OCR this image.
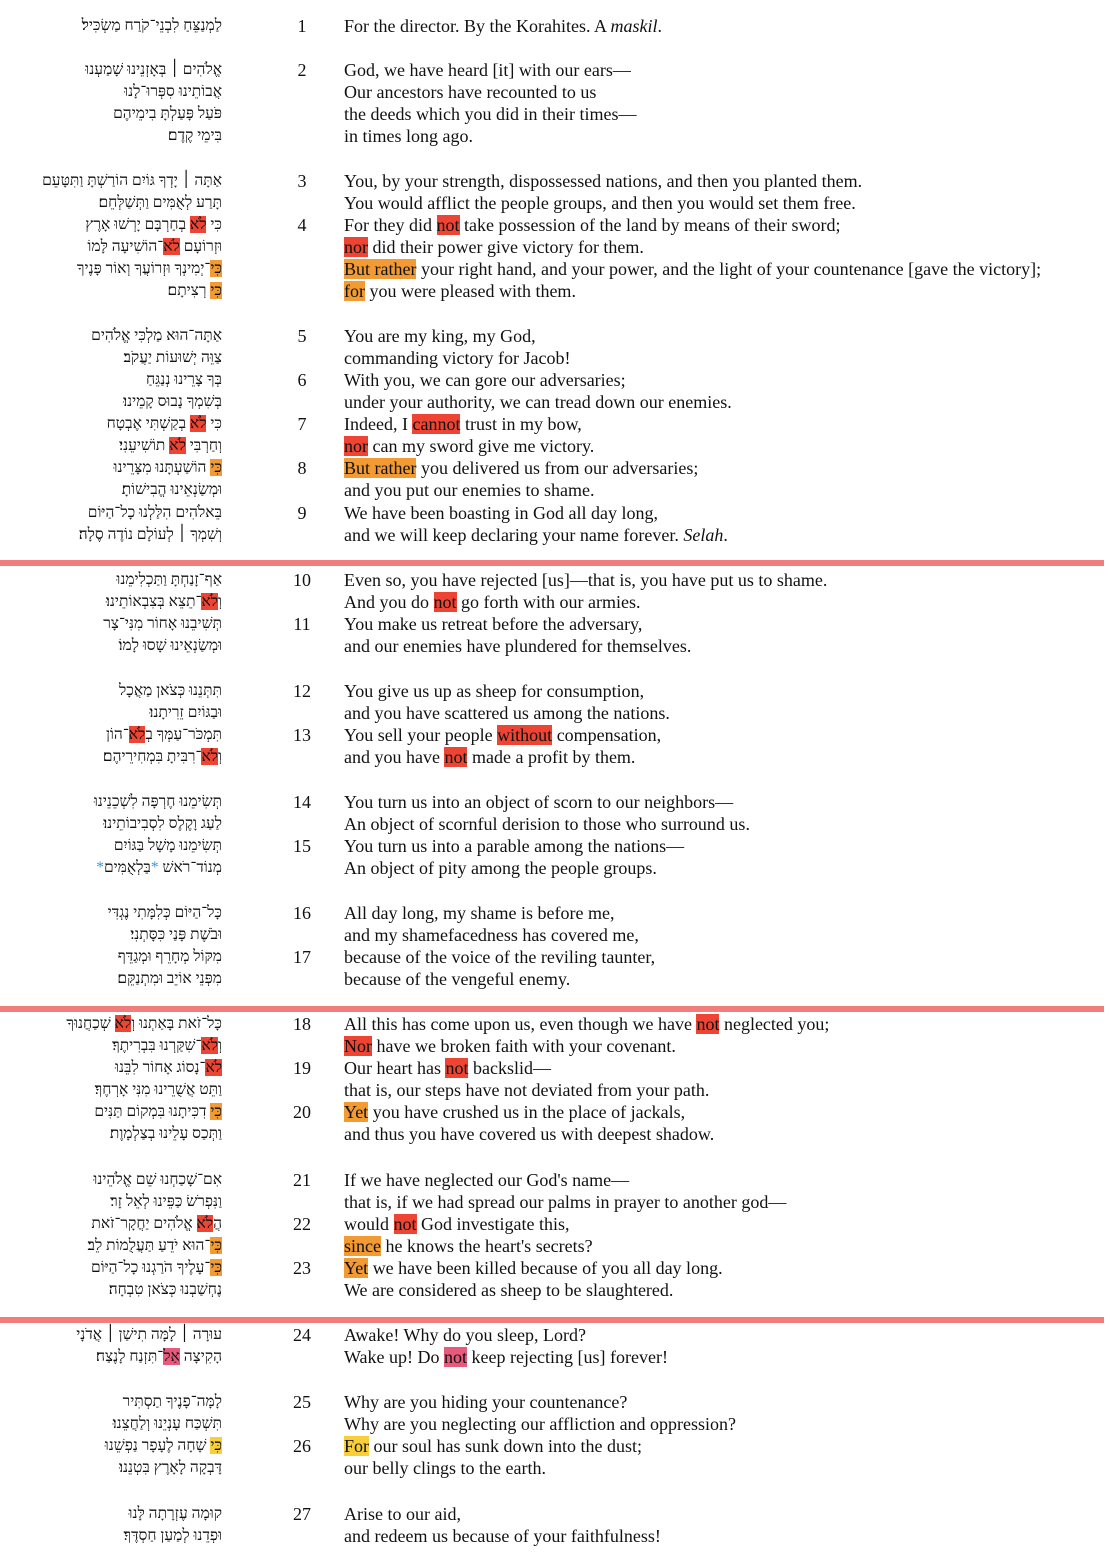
לַמְנַצֵּחַ לִבְנֵי־קֹרַח מַשְׂכִּיל׃	1	For the director. By the Korahites. A maskil.
אֱלֹהִים ׀ בְּאָזְנֵינוּ שָׁמַעְנוּ	2	God, we have heard [it] with our ears—
אֲבוֹתֵינוּ סִפְּרוּ־לָנוּ	Our ancestors have recounted to us
פֹּעַל פָּעַלְתָּ בִימֵיהֶם	the deeds which you did in their times—
בִּימֵי קֶדֶם׃	in times long ago.
אַתָּה ׀ יָדְךָ גּוֹיִם הוֹרַשְׁתָּ וַתִּטָּעֵם	3	You, by your strength, dispossessed nations, and then you planted them.
תָּרַע לְאֻמִּים וַתְּשַׁלְּחֵם׃	You would afflict the people groups, and then you would set them free.
כִּי לֹא בְחַרְבָּם יָרְשׁוּ אָרֶץ	4	For they did not take possession of the land by means of their sword;
וּזְרוֹעָם לֹא־הוֹשִׁיעָה לָּמוֹ	nor did their power give victory for them.
כִּי־יְמִינְךָ וּזְרוֹעֲךָ וְאוֹר פָּנֶיךָ	But rather your right hand, and your power, and the light of your countenance [gave the victory];
כִּי רְצִיתָם׃	for you were pleased with them.
אַתָּה־הוּא מַלְכִּי אֱלֹהִים	5	You are my king, my God,
צַוֵּה יְשׁוּעוֹת יַעֲקֹב׃	commanding victory for Jacob!
בְּךָ צָרֵינוּ נְנַגֵּחַ	6	With you, we can gore our adversaries;
בְּשִׁמְךָ נָבוּס קָמֵינוּ׃	under your authority, we can tread down our enemies.
כִּי לֹא בְקַשְׁתִּי אֶבְטָח	7	Indeed, I cannot trust in my bow,
וְחַרְבִּי לֹא תוֹשִׁיעֵנִי׃	nor can my sword give me victory.
כִּי הוֹשַׁעְתָּנוּ מִצָּרֵינוּ	8	But rather you delivered us from our adversaries;
וּמְשַׂנְאֵינוּ הֱבִישׁוֹתָ׃	and you put our enemies to shame.
בֵּאלֹהִים הִלַּלְנוּ כָל־הַיּוֹם	9	We have been boasting in God all day long,
וְשִׁמְךָ ׀ לְעוֹלָם נוֹדֶה סֶלָה׃	and we will keep declaring your name forever. Selah.
אַף־זָנַחְתָּ וַתַּכְלִימֵנוּ	10	Even so, you have rejected [us]—that is, you have put us to shame.
וְלֹא־תֵצֵא בְּצִבְאוֹתֵינוּ׃	And you do not go forth with our armies.
תְּשִׁיבֵנוּ אָחוֹר מִנִּי־צָר	11	You make us retreat before the adversary,
וּמְשַׂנְאֵינוּ שָׁסוּ לָמוֹ׃	and our enemies have plundered for themselves.
תִּתְּנֵנוּ כְּצֹאן מַאֲכָל	12	You give us up as sheep for consumption,
וּבַגּוֹיִם זֵרִיתָנוּ׃	and you have scattered us among the nations.
תִּמְכֹּר־עַמְּךָ בְלֹא־הוֹן	13	You sell your people without compensation,
וְלֹא־רִבִּיתָ בִּמְחִירֵיהֶם׃	and you have not made a profit by them.
תְּשִׂימֵנוּ חֶרְפָּה לִשְׁכֵנֵינוּ	14	You turn us into an object of scorn to our neighbors—
לַעַג וָקֶלֶס לִסְבִיבוֹתֵינוּ׃	An object of scornful derision to those who surround us.
תְּשִׂימֵנוּ מָשָׁל בַּגּוֹיִם	15	You turn us into a parable among the nations—
מְנוֹד־רֹאשׁ *בַּלְאֻמִּים*	An object of pity among the people groups.
כָּל־הַיּוֹם כְּלִמָּתִי נֶגְדִּי	16	All day long, my shame is before me,
וּבֹשֶׁת פָּנַי כִּסָּתְנִי׃	and my shamefacedness has covered me,
מִקּוֹל מְחָרֵף וּמְגַדֵּף	17	because of the voice of the reviling taunter,
מִפְּנֵי אוֹיֵב וּמִתְנַקֵּם׃	because of the vengeful enemy.
כָּל־זֹאת בָּאַתְנוּ וְלֹא שְׁכַחֲנוּךָ	18	All this has come upon us, even though we have not neglected you;
וְלֹא־שִׁקַּרְנוּ בִּבְרִיתֶךָ׃	Nor have we broken faith with your covenant.
לֹא־נָסוֹג אָחוֹר לִבֵּנוּ	19	Our heart has not backslid—
וַתֵּט אֲשֻׁרֵינוּ מִנִּי אָרְחֶךָ׃	that is, our steps have not deviated from your path.
כִּי דִכִּיתָנוּ בִּמְקוֹם תַּנִּים	20	Yet you have crushed us in the place of jackals,
וַתְּכַס עָלֵינוּ בְצַלְמָוֶת׃	and thus you have covered us with deepest shadow.
אִם־שָׁכַחְנוּ שֵׁם אֱלֹהֵינוּ	21	If we have neglected our God's name—
וַנִּפְרֹשׂ כַּפֵּינוּ לְאֵל זָר׃	that is, if we had spread our palms in prayer to another god—
הֲלֹא אֱלֹהִים יַחֲקָר־זֹאת	22	would not God investigate this,
כִּי־הוּא יֹדֵעַ תַּעֲלֻמוֹת לֵב׃	since he knows the heart's secrets?
כִּי־עָלֶיךָ הֹרַגְנוּ כָל־הַיּוֹם	23	Yet we have been killed because of you all day long.
נֶחְשַׁבְנוּ כְּצֹאן טִבְחָה׃	We are considered as sheep to be slaughtered.
עוּרָה ׀ לָמָּה תִישַׁן ׀ אֲדֹנָי	24	Awake! Why do you sleep, Lord?
הָקִיצָה אַל־תִּזְנַח לָנֶצַח׃	Wake up! Do not keep rejecting [us] forever!
לָמָּה־פָנֶיךָ תַסְתִּיר	25	Why are you hiding your countenance?
תִּשְׁכַּח עָנְיֵנוּ וְלַחֲצֵנוּ׃	Why are you neglecting our affliction and oppression?
כִּי שָׁחָה לֶעָפָר נַפְשֵׁנוּ	26	For our soul has sunk down into the dust;
דָּבְקָה לָאָרֶץ בִּטְנֵנוּ׃	our belly clings to the earth.
קוּמָה עֶזְרָתָה לָּנוּ	27	Arise to our aid,
וּפְדֵנוּ לְמַעַן חַסְדֶּךָ׃	and redeem us because of your faithfulness!
